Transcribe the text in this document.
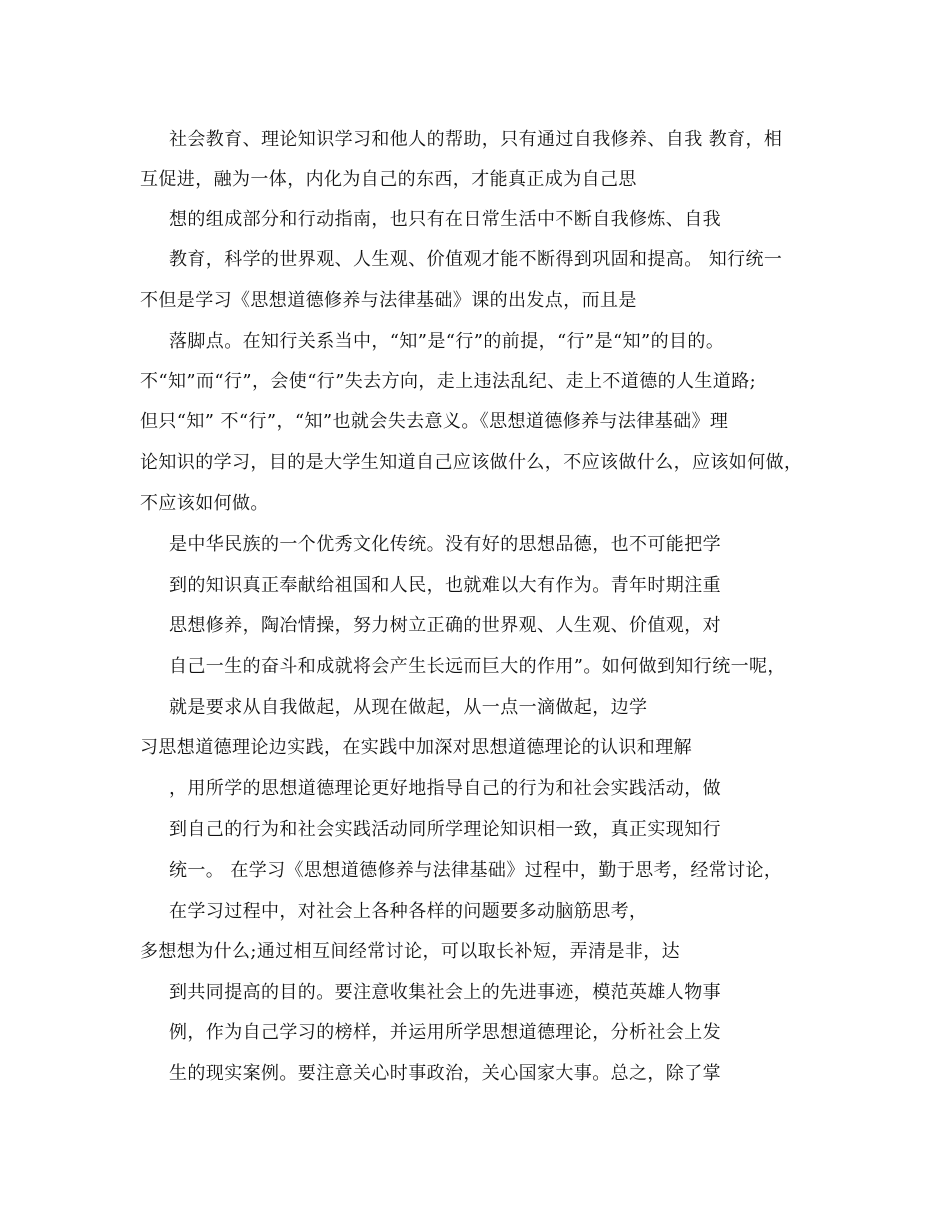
社会教育、理论知识学习和他人的帮助，只有通过自我修养、自我 教育，相
互促进，融为一体，内化为自己的东西，才能真正成为自己思
想的组成部分和行动指南，也只有在日常生活中不断自我修炼、自我
教育，科学的世界观、人生观、价值观才能不断得到巩固和提高。 知行统一
不但是学习《思想道德修养与法律基础》课的出发点，而且是
落脚点。在知行关系当中，“知”是“行”的前提，“行”是“知”的目的。
不“知”而“行”，会使“行”失去方向，走上违法乱纪、走上不道德的人生道路;
但只“知” 不“行”，“知”也就会失去意义。《思想道德修养与法律基础》理
论知识的学习，目的是大学生知道自己应该做什么，不应该做什么，应该如何做，
不应该如何做。
是中华民族的一个优秀文化传统。没有好的思想品德，也不可能把学
到的知识真正奉献给祖国和人民，也就难以大有作为。青年时期注重
思想修养，陶冶情操，努力树立正确的世界观、人生观、价值观，对
自己一生的奋斗和成就将会产生长远而巨大的作用”。如何做到知行统一呢，
就是要求从自我做起，从现在做起，从一点一滴做起，边学
习思想道德理论边实践，在实践中加深对思想道德理论的认识和理解
，用所学的思想道德理论更好地指导自己的行为和社会实践活动，做
到自己的行为和社会实践活动同所学理论知识相一致，真正实现知行
统一。 在学习《思想道德修养与法律基础》过程中，勤于思考，经常讨论，
在学习过程中，对社会上各种各样的问题要多动脑筋思考，
多想想为什么;通过相互间经常讨论，可以取长补短，弄清是非，达
到共同提高的目的。要注意收集社会上的先进事迹，模范英雄人物事
例，作为自己学习的榜样，并运用所学思想道德理论，分析社会上发
生的现实案例。要注意关心时事政治，关心国家大事。总之，除了掌
